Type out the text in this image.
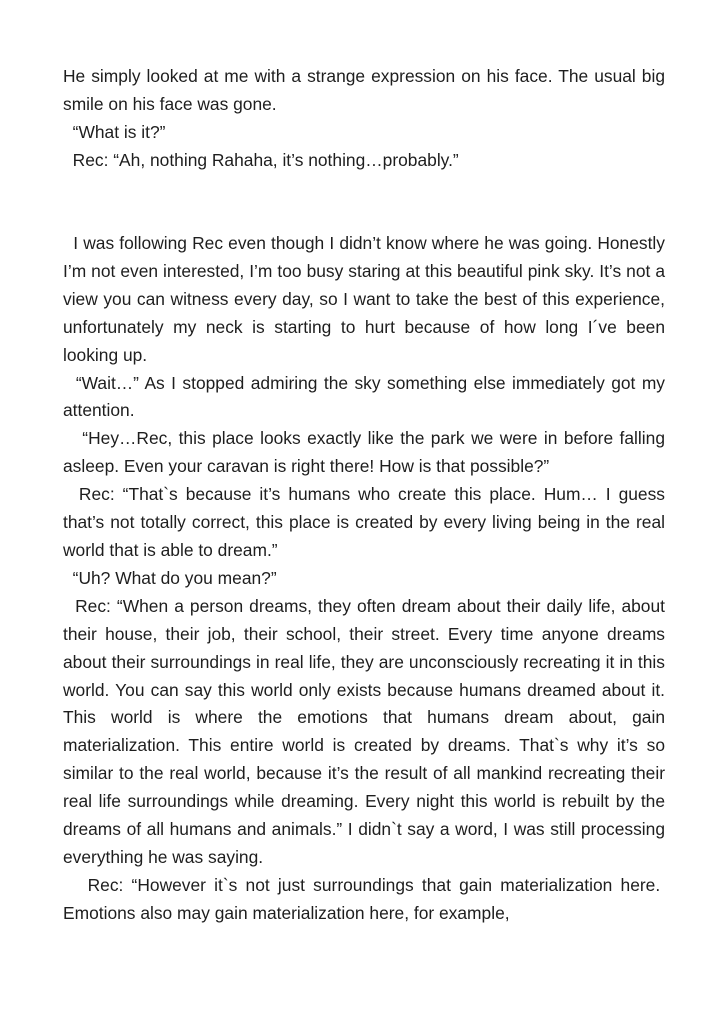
He simply looked at me with a strange expression on his face. The usual big smile on his face was gone.

“What is it?”

Rec: “Ah, nothing Rahaha, it’s nothing…probably.”

I was following Rec even though I didn’t know where he was going. Honestly I’m not even interested, I’m too busy staring at this beautiful pink sky. It’s not a view you can witness every day, so I want to take the best of this experience, unfortunately my neck is starting to hurt because of how long I´ve been looking up.

“Wait…” As I stopped admiring the sky something else immediately got my attention.

“Hey…Rec, this place looks exactly like the park we were in before falling asleep. Even your caravan is right there! How is that possible?”

Rec: “That`s because it’s humans who create this place. Hum… I guess that’s not totally correct, this place is created by every living being in the real world that is able to dream.”

“Uh? What do you mean?”

Rec: “When a person dreams, they often dream about their daily life, about their house, their job, their school, their street. Every time anyone dreams about their surroundings in real life, they are unconsciously recreating it in this world. You can say this world only exists because humans dreamed about it. This world is where the emotions that humans dream about, gain materialization. This entire world is created by dreams. That`s why it’s so similar to the real world, because it’s the result of all mankind recreating their real life surroundings while dreaming. Every night this world is rebuilt by the dreams of all humans and animals.” I didn`t say a word, I was still processing everything he was saying.

Rec: “However it`s not just surroundings that gain materialization here.  Emotions also may gain materialization here, for example,
